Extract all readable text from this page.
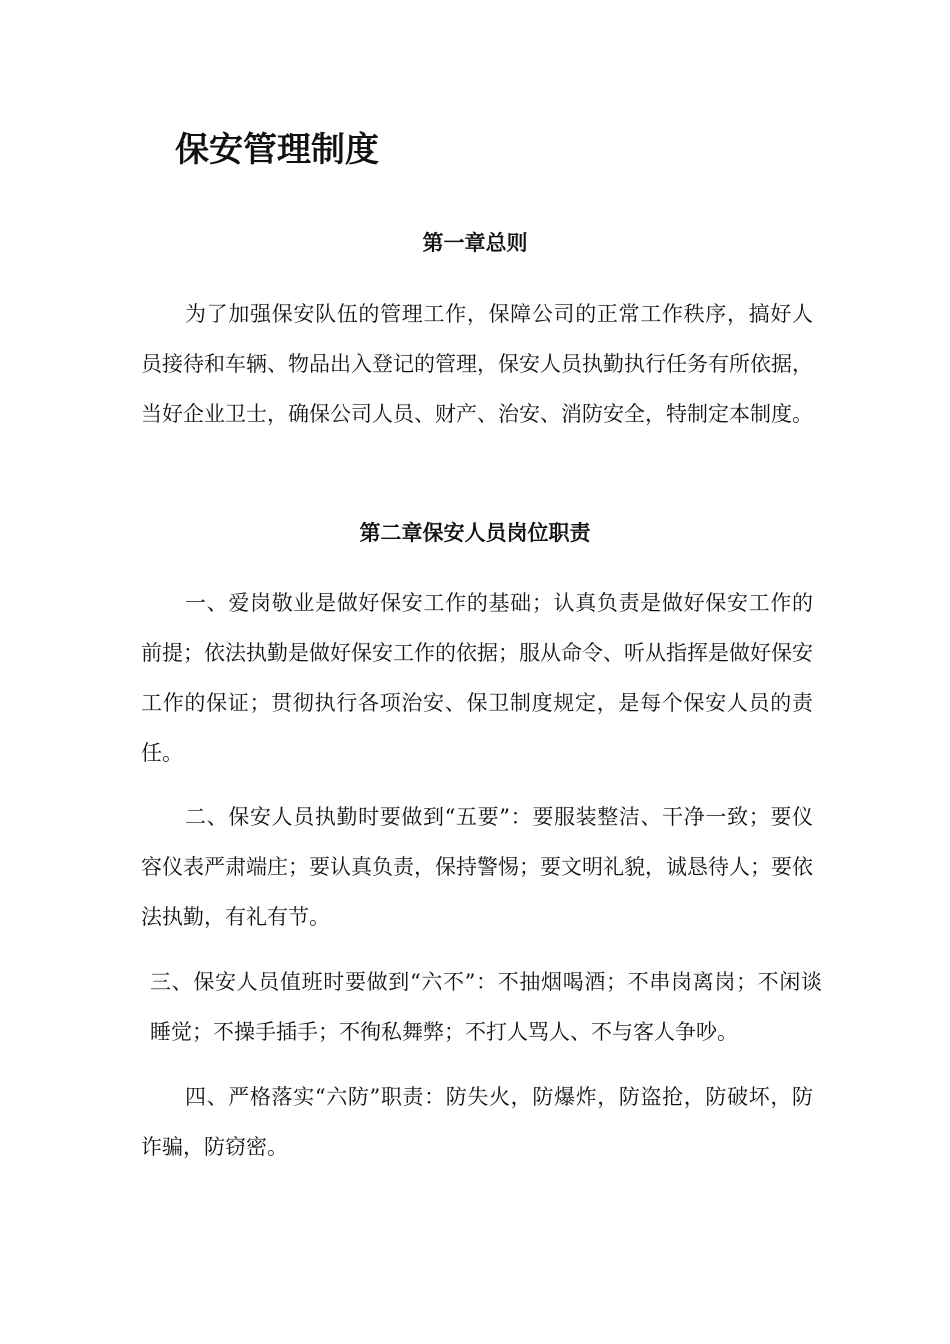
保安管理制度
第一章总则

为了加强保安队伍的管理工作，保障公司的正常工作秩序，搞好人员接待和车辆、物品出入登记的管理，保安人员执勤执行任务有所依据，当好企业卫士，确保公司人员、财产、治安、消防安全，特制定本制度。

第二章保安人员岗位职责

一、爱岗敬业是做好保安工作的基础；认真负责是做好保安工作的前提；依法执勤是做好保安工作的依据；服从命令、听从指挥是做好保安工作的保证；贯彻执行各项治安、保卫制度规定，是每个保安人员的责任。

二、保安人员执勤时要做到“五要”：要服装整洁、干净一致；要仪容仪表严肃端庄；要认真负责，保持警惕；要文明礼貌，诚恳待人；要依法执勤，有礼有节。

三、保安人员值班时要做到“六不”：不抽烟喝酒；不串岗离岗；不闲谈睡觉；不操手插手；不徇私舞弊；不打人骂人、不与客人争吵。

四、严格落实“六防”职责：防失火，防爆炸，防盗抢，防破坏，防诈骗，防窃密。
